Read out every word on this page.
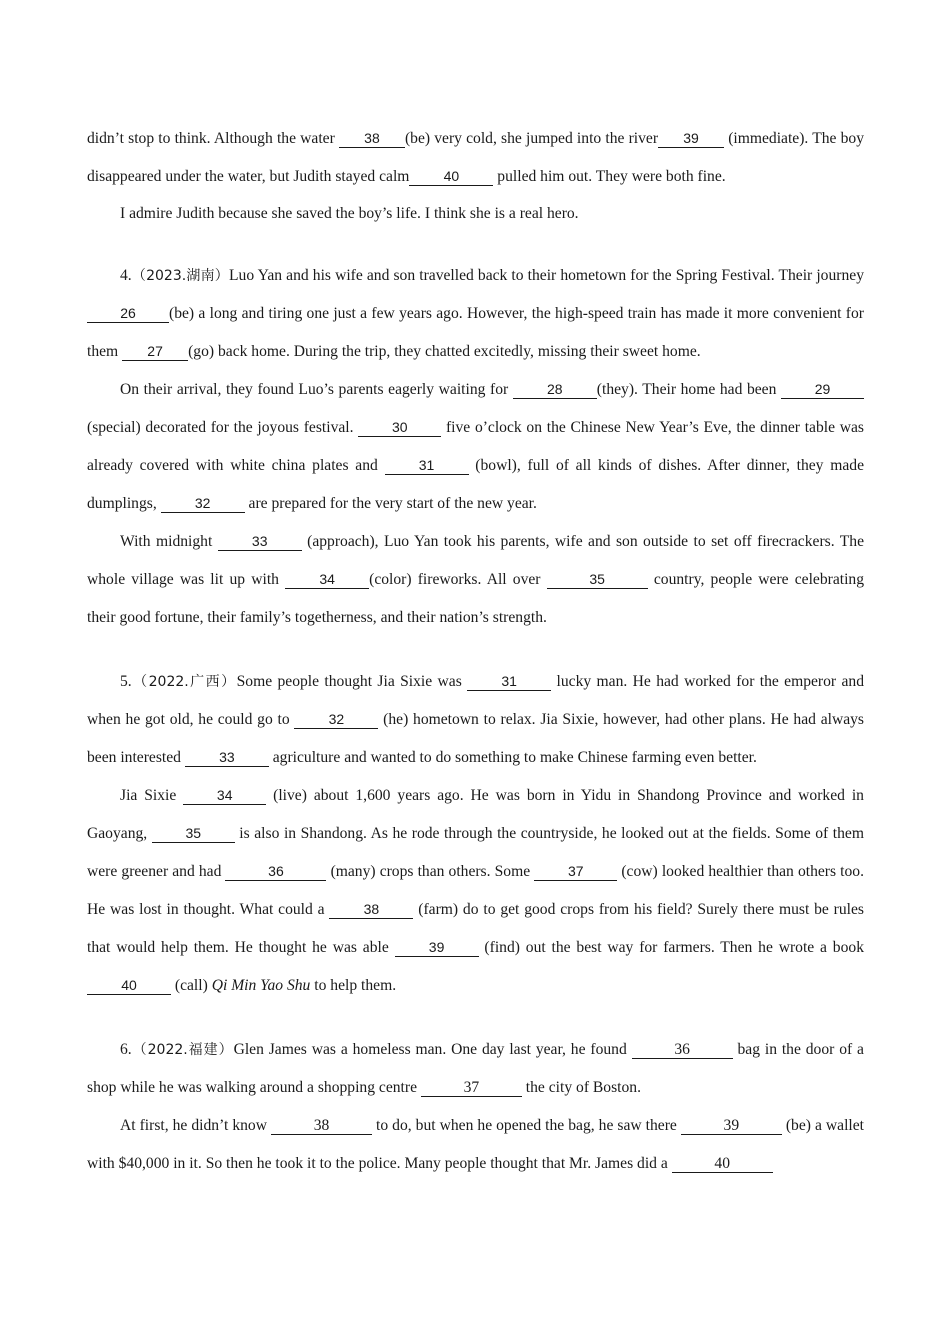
didn’t stop to think. Although the water 38 (be) very cold, she jumped into the river 39 (immediate). The boy disappeared under the water, but Judith stayed calm 40 pulled him out. They were both fine.

I admire Judith because she saved the boy’s life. I think she is a real hero.

4.（2023.湖南）Luo Yan and his wife and son travelled back to their hometown for the Spring Festival. Their journey 26 (be) a long and tiring one just a few years ago. However, the high-speed train has made it more convenient for them 27 (go) back home. During the trip, they chatted excitedly, missing their sweet home.

On their arrival, they found Luo’s parents eagerly waiting for 28 (they). Their home had been 29(special) decorated for the joyous festival. 30 five o’clock on the Chinese New Year’s Eve, the dinner table was already covered with white china plates and 31 (bowl), full of all kinds of dishes. After dinner, they made dumplings, 32 are prepared for the very start of the new year.

With midnight 33 (approach), Luo Yan took his parents, wife and son outside to set off firecrackers. The whole village was lit up with 34 (color) fireworks. All over	35	country, people were celebrating their good fortune, their family’s togetherness, and their nation’s strength.

5.（2022.广西）Some people thought Jia Sixie was 31 lucky man. He had worked for the emperor and when he got old, he could go to 32 (he) hometown to relax. Jia Sixie, however, had other plans. He had always been interested 33 agriculture and wanted to do something to make Chinese farming even better.

Jia Sixie 34 (live) about 1,600 years ago. He was born in Yidu in Shandong Province and worked in Gaoyang, 35 is also in Shandong. As he rode through the countryside, he looked out at the fields. Some of them were greener and had	36	(many) crops than others. Some 37 (cow) looked healthier than others too. He was lost in thought. What could a 38 (farm) do to get good crops from his field? Surely there must be rules that would help them. He thought he was able 39 (find) out the best way for farmers. Then he wrote a book 40 (call) Qi Min Yao Shu to help them.

6.（2022.福建）Glen James was a homeless man. One day last year, he found	36	bag in the door of a shop while he was walking around a shopping centre	37	the city of Boston.

At first, he didn’t know	38	to do, but when he opened the bag, he saw there	39	(be) a wallet with $40,000 in it. So then he took it to the police. Many people thought that Mr. James did a	40
